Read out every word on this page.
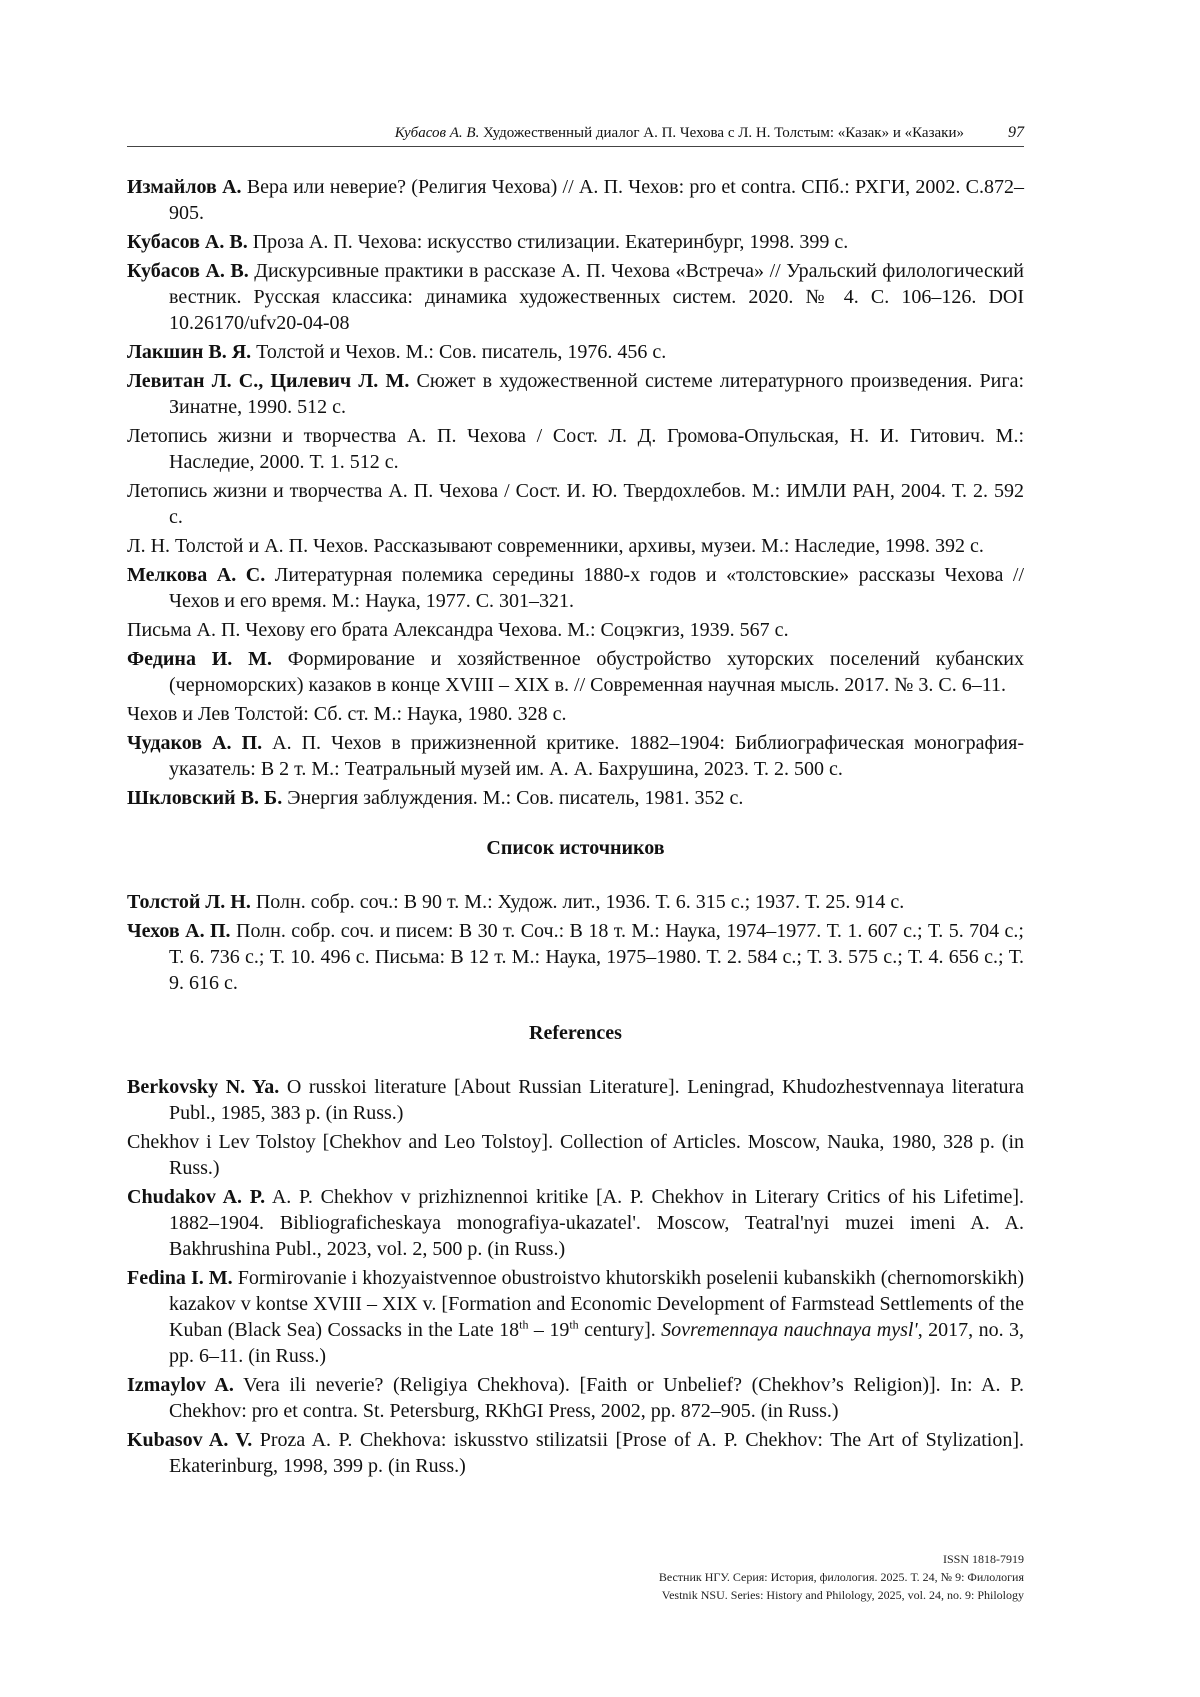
Кубасов А. В. Художественный диалог А. П. Чехова с Л. Н. Толстым: «Казак» и «Казаки»	97

Измайлов А. Вера или неверие? (Религия Чехова) // А. П. Чехов: pro et contra. СПб.: РХГИ, 2002. С.872–905.

Кубасов А. В. Проза А. П. Чехова: искусство стилизации. Екатеринбург, 1998. 399 с.

Кубасов А. В. Дискурсивные практики в рассказе А. П. Чехова «Встреча» // Уральский филологический вестник. Русская классика: динамика художественных систем. 2020. № 4. С. 106–126. DOI 10.26170/ufv20-04-08

Лакшин В. Я. Толстой и Чехов. М.: Сов. писатель, 1976. 456 с.

Левитан Л. С., Цилевич Л. М. Сюжет в художественной системе литературного произведения. Рига: Зинатне, 1990. 512 с.

Летопись жизни и творчества А. П. Чехова / Сост. Л. Д. Громова-Опульская, Н. И. Гитович. М.: Наследие, 2000. Т. 1. 512 с.

Летопись жизни и творчества А. П. Чехова / Сост. И. Ю. Твердохлебов. М.: ИМЛИ РАН, 2004. Т. 2. 592 с.

Л. Н. Толстой и А. П. Чехов. Рассказывают современники, архивы, музеи. М.: Наследие, 1998. 392 с.

Мелкова А. С. Литературная полемика середины 1880-х годов и «толстовские» рассказы Чехова // Чехов и его время. М.: Наука, 1977. С. 301–321.

Письма А. П. Чехову его брата Александра Чехова. М.: Соцэкгиз, 1939. 567 с.

Федина И. М. Формирование и хозяйственное обустройство хуторских поселений кубанских (черноморских) казаков в конце XVIII – XIX в. // Современная научная мысль. 2017. № 3. С. 6–11.

Чехов и Лев Толстой: Сб. ст. М.: Наука, 1980. 328 с.

Чудаков А. П. А. П. Чехов в прижизненной критике. 1882–1904: Библиографическая монография-указатель: В 2 т. М.: Театральный музей им. А. А. Бахрушина, 2023. Т. 2. 500 с.

Шкловский В. Б. Энергия заблуждения. М.: Сов. писатель, 1981. 352 с.

Список источников

Толстой Л. Н. Полн. собр. соч.: В 90 т. М.: Худож. лит., 1936. Т. 6. 315 с.; 1937. Т. 25. 914 с.

Чехов А. П. Полн. собр. соч. и писем: В 30 т. Соч.: В 18 т. М.: Наука, 1974–1977. Т. 1. 607 с.; Т. 5. 704 с.; Т. 6. 736 с.; Т. 10. 496 с. Письма: В 12 т. М.: Наука, 1975–1980. Т. 2. 584 с.; Т. 3. 575 с.; Т. 4. 656 с.; Т. 9. 616 с.

References

Berkovsky N. Ya. O russkoi literature [About Russian Literature]. Leningrad, Khudozhestvennaya literatura Publ., 1985, 383 p. (in Russ.)

Chekhov i Lev Tolstoy [Chekhov and Leo Tolstoy]. Collection of Articles. Moscow, Nauka, 1980, 328 p. (in Russ.)

Chudakov A. P. A. P. Chekhov v prizhiznennoi kritike [A. P. Chekhov in Literary Critics of his Lifetime]. 1882–1904. Bibliograficheskaya monografiya-ukazatel'. Moscow, Teatral'nyi muzei imeni A. A. Bakhrushina Publ., 2023, vol. 2, 500 p. (in Russ.)

Fedina I. M. Formirovanie i khozyaistvennoe obustroistvo khutorskikh poselenii kubanskikh (chernomorskikh) kazakov v kontse XVIII – XIX v. [Formation and Economic Development of Farmstead Settlements of the Kuban (Black Sea) Cossacks in the Late 18th – 19th century]. Sovremennaya nauchnaya mysl', 2017, no. 3, pp. 6–11. (in Russ.)

Izmaylov A. Vera ili neverie? (Religiya Chekhova). [Faith or Unbelief? (Chekhov’s Religion)]. In: A. P. Chekhov: pro et contra. St. Petersburg, RKhGI Press, 2002, pp. 872–905. (in Russ.)

Kubasov A. V. Proza A. P. Chekhova: iskusstvo stilizatsii [Prose of A. P. Chekhov: The Art of Stylization]. Ekaterinburg, 1998, 399 p. (in Russ.)

ISSN 1818-7919
Вестник НГУ. Серия: История, филология. 2025. Т. 24, № 9: Филология
Vestnik NSU. Series: History and Philology, 2025, vol. 24, no. 9: Philology
